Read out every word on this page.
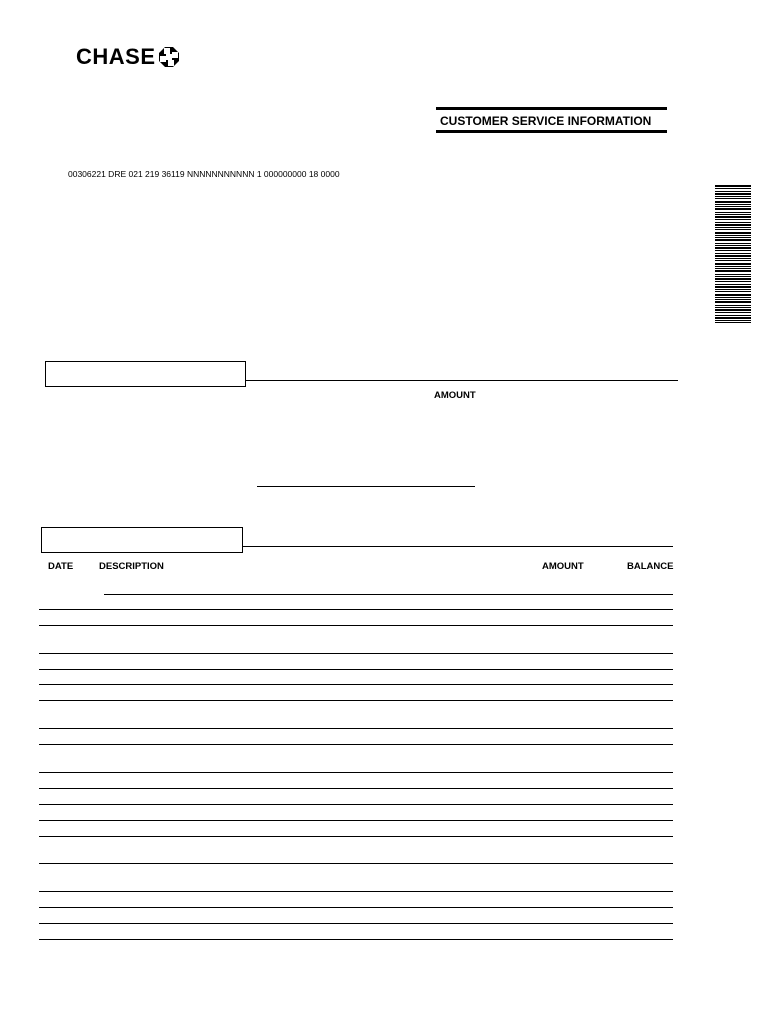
CHASE
CUSTOMER SERVICE INFORMATION
00306221 DRE 021 219 36119 NNNNNNNNNNN 1 000000000 18 0000
AMOUNT
DATE	DESCRIPTION	AMOUNT	BALANCE
